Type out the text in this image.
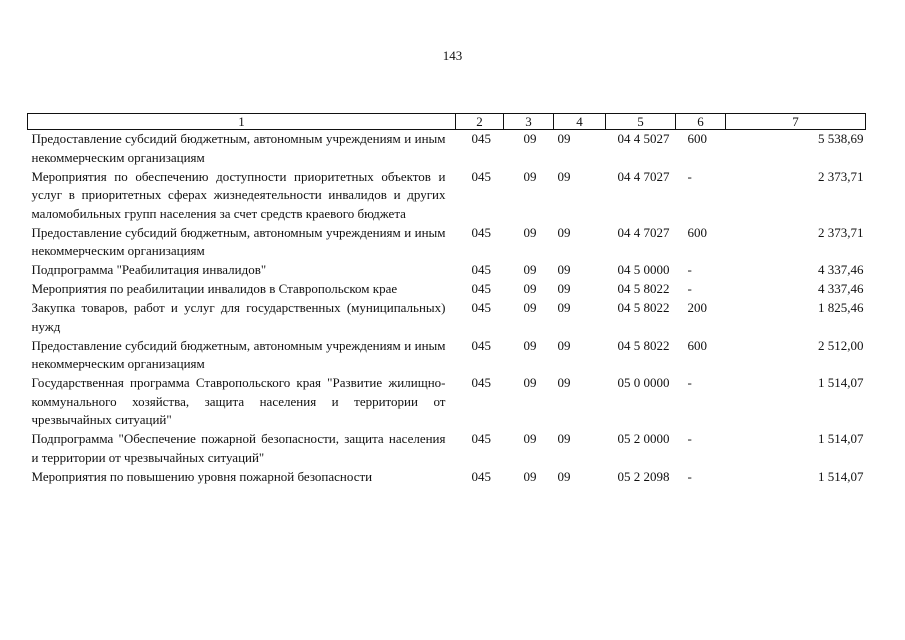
143
1	2	3	4	5	6	7
Предоставление субсидий бюджетным, автономным учреждениям и иным некоммерческим организациям	045	09	09	04 4 5027	600	5 538,69
Мероприятия по обеспечению доступности приоритетных объектов и услуг в приоритетных сферах жизнедеятельности инвалидов и других маломобильных групп населения за счет средств краевого бюджета	045	09	09	04 4 7027	-	2 373,71
Предоставление субсидий бюджетным, автономным учреждениям и иным некоммерческим организациям	045	09	09	04 4 7027	600	2 373,71
Подпрограмма "Реабилитация инвалидов"	045	09	09	04 5 0000	-	4 337,46
Мероприятия по реабилитации инвалидов в Ставропольском крае	045	09	09	04 5 8022	-	4 337,46
Закупка товаров, работ и услуг для государственных (муниципальных) нужд	045	09	09	04 5 8022	200	1 825,46
Предоставление субсидий бюджетным, автономным учреждениям и иным некоммерческим организациям	045	09	09	04 5 8022	600	2 512,00
Государственная программа Ставропольского края "Развитие жилищно-коммунального хозяйства, защита населения и территории от чрезвычайных ситуаций"	045	09	09	05 0 0000	-	1 514,07
Подпрограмма "Обеспечение пожарной безопасности, защита населения и территории от чрезвычайных ситуаций"	045	09	09	05 2 0000	-	1 514,07
Мероприятия по повышению уровня пожарной безопасности	045	09	09	05 2 2098	-	1 514,07
